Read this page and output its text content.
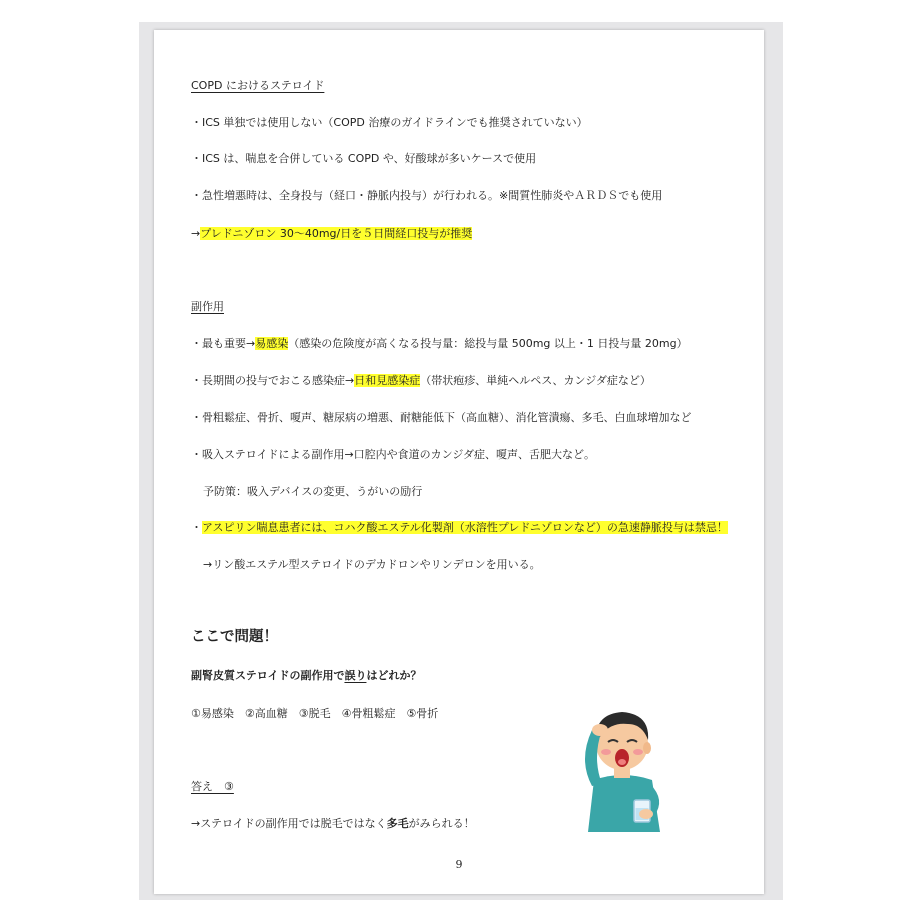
COPD におけるステロイド
・ICS 単独では使用しない（COPD 治療のガイドラインでも推奨されていない）
・ICS は、喘息を合併している COPD や、好酸球が多いケースで使用
・急性増悪時は、全身投与（経口・静脈内投与）が行われる。※間質性肺炎やＡＲＤＳでも使用
→プレドニゾロン 30～40mg/日を５日間経口投与が推奨
副作用
・最も重要→易感染（感染の危険度が高くなる投与量：総投与量 500mg 以上・1 日投与量 20mg）
・長期間の投与でおこる感染症→日和見感染症（帯状疱疹、単純ヘルペス、カンジダ症など）
・骨粗鬆症、骨折、嗄声、糖尿病の増悪、耐糖能低下（高血糖）、消化管潰瘍、多毛、白血球増加など
・吸入ステロイドによる副作用→口腔内や食道のカンジダ症、嗄声、舌肥大など。
予防策：吸入デバイスの変更、うがいの励行
・アスピリン喘息患者には、コハク酸エステル化製剤（水溶性プレドニゾロンなど）の急速静脈投与は禁忌！
→リン酸エステル型ステロイドのデカドロンやリンデロンを用いる。
ここで問題！
副腎皮質ステロイドの副作用で誤りはどれか？
①易感染　②高血糖　③脱毛　④骨粗鬆症　⑤骨折
答え　③
→ステロイドの副作用では脱毛ではなく多毛がみられる！
9
